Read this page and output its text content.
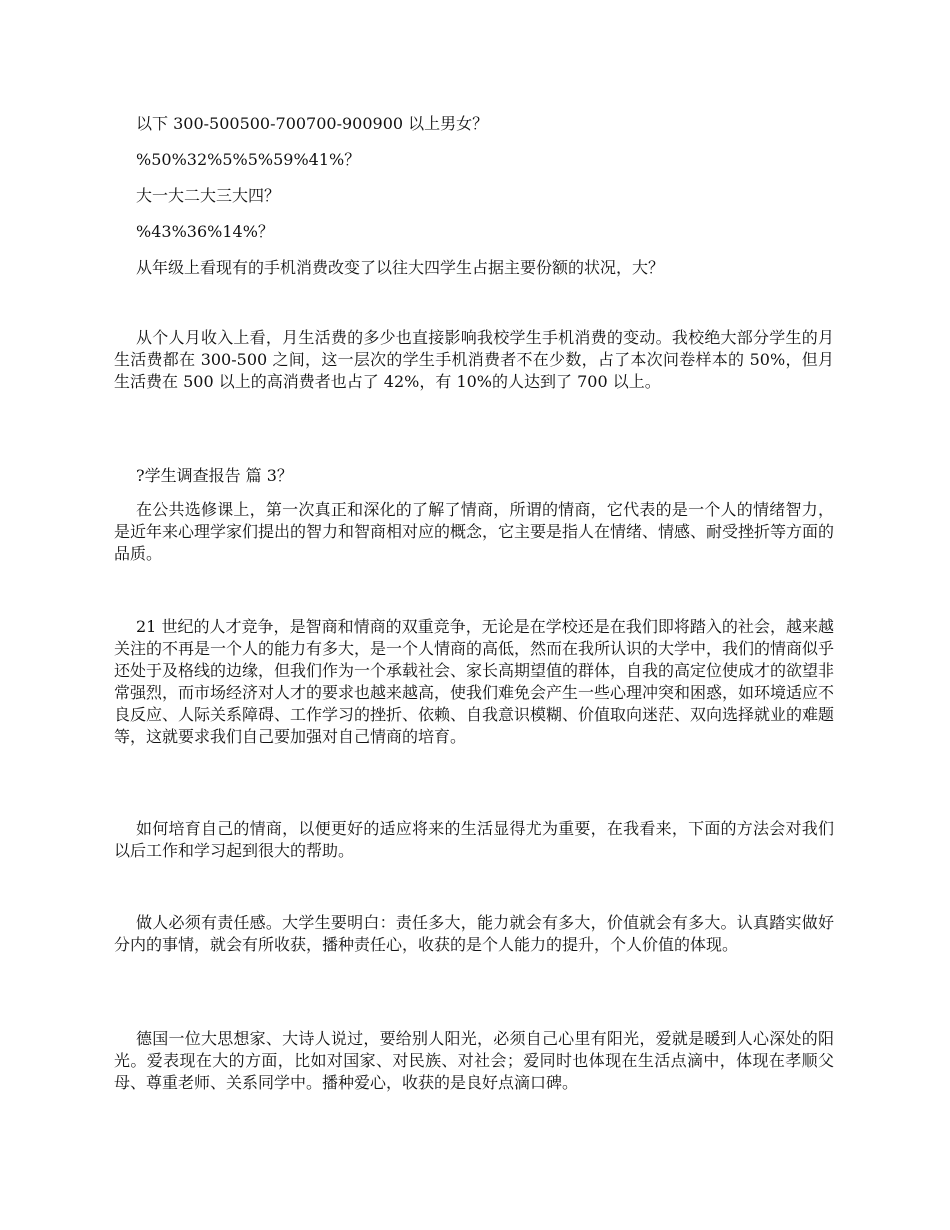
以下 300-500500-700700-900900 以上男女？
%50%32%5%5%59%41%？
大一大二大三大四？
%43%36%14%？
从年级上看现有的手机消费改变了以往大四学生占据主要份额的状况，大？

从个人月收入上看，月生活费的多少也直接影响我校学生手机消费的变动。我校绝大部分学生的月生活费都在 300-500 之间，这一层次的学生手机消费者不在少数，占了本次问卷样本的 50%，但月生活费在 500 以上的高消费者也占了 42%，有 10%的人达到了 700 以上。

?学生调查报告 篇 3？

在公共选修课上，第一次真正和深化的了解了情商，所谓的情商，它代表的是一个人的情绪智力，是近年来心理学家们提出的智力和智商相对应的概念，它主要是指人在情绪、情感、耐受挫折等方面的品质。

21 世纪的人才竞争，是智商和情商的双重竞争，无论是在学校还是在我们即将踏入的社会，越来越关注的不再是一个人的能力有多大，是一个人情商的高低，然而在我所认识的大学中，我们的情商似乎还处于及格线的边缘，但我们作为一个承载社会、家长高期望值的群体，自我的高定位使成才的欲望非常强烈，而市场经济对人才的要求也越来越高，使我们难免会产生一些心理冲突和困惑，如环境适应不良反应、人际关系障碍、工作学习的挫折、依赖、自我意识模糊、价值取向迷茫、双向选择就业的难题等，这就要求我们自己要加强对自己情商的培育。

如何培育自己的情商，以便更好的适应将来的生活显得尤为重要，在我看来，下面的方法会对我们以后工作和学习起到很大的帮助。

做人必须有责任感。大学生要明白：责任多大，能力就会有多大，价值就会有多大。认真踏实做好分内的事情，就会有所收获，播种责任心，收获的是个人能力的提升，个人价值的体现。

德国一位大思想家、大诗人说过，要给别人阳光，必须自己心里有阳光，爱就是暖到人心深处的阳光。爱表现在大的方面，比如对国家、对民族、对社会；爱同时也体现在生活点滴中，体现在孝顺父母、尊重老师、关系同学中。播种爱心，收获的是良好点滴口碑。
